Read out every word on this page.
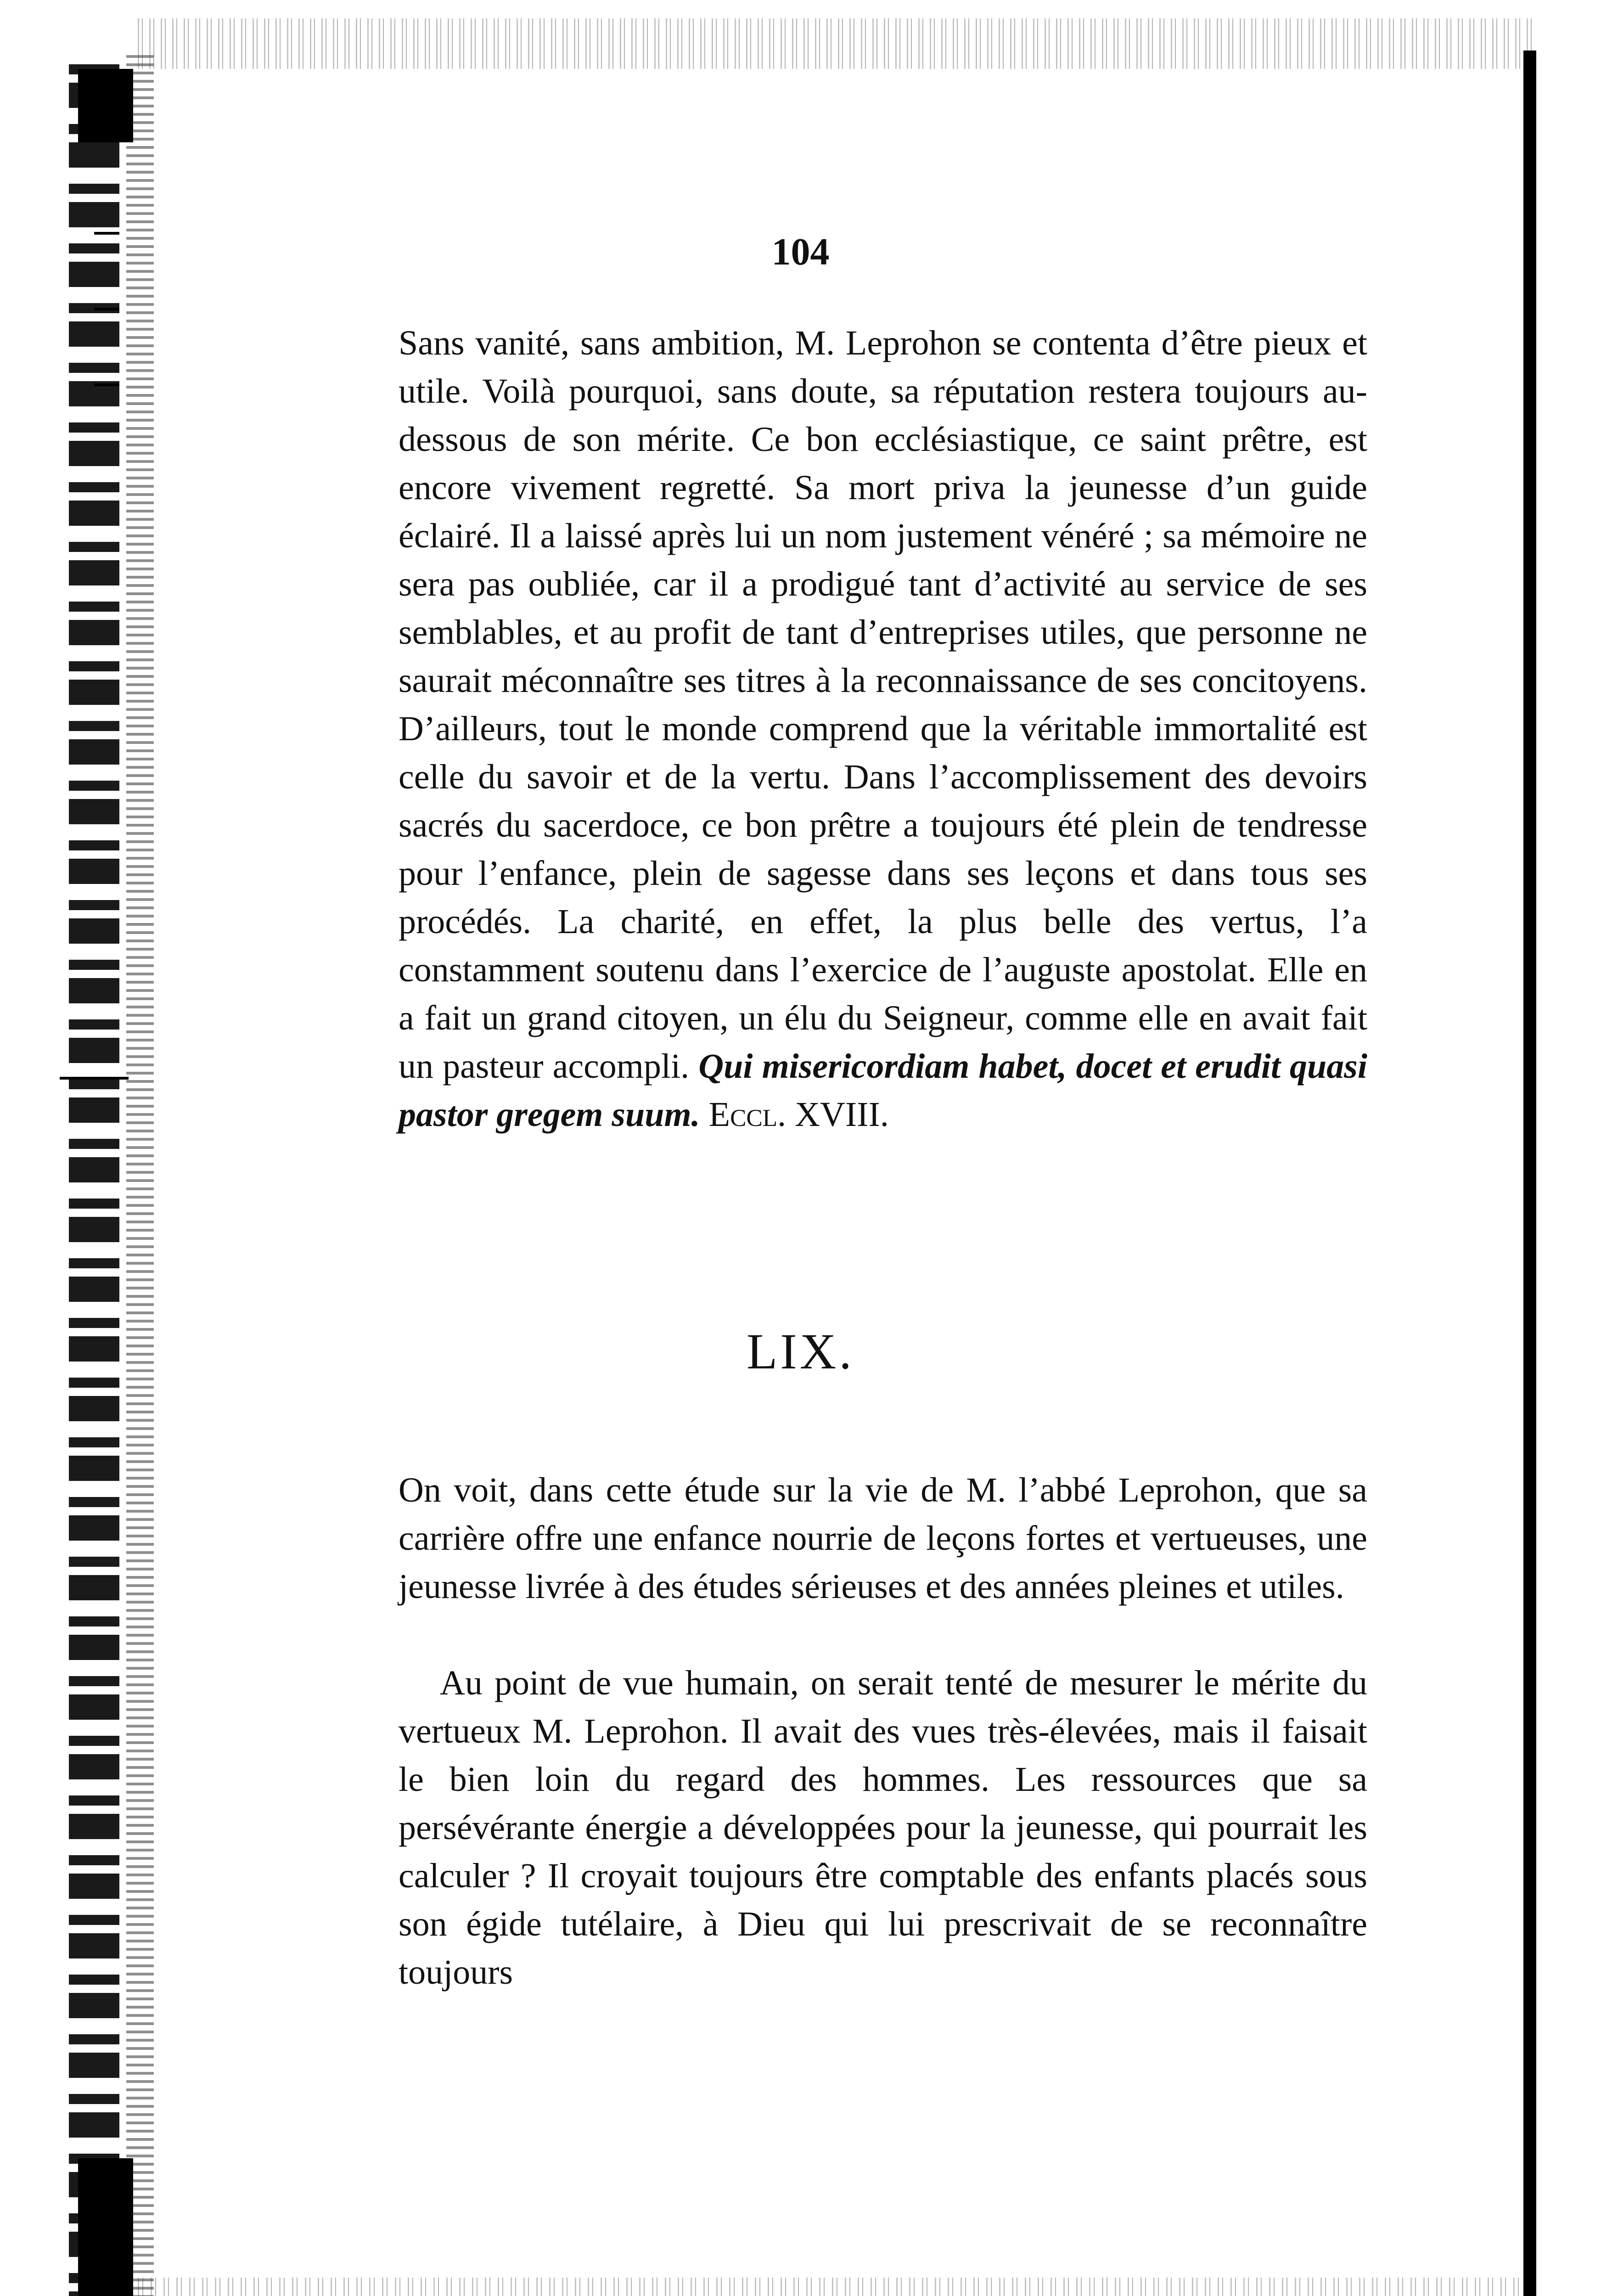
104

Sans vanité, sans ambition, M. Leprohon se contenta d’être pieux et utile. Voilà pourquoi, sans doute, sa réputation restera toujours au-dessous de son mérite. Ce bon ecclésiastique, ce saint prêtre, est encore vivement regretté. Sa mort priva la jeunesse d’un guide éclairé. Il a laissé après lui un nom justement vénéré ; sa mémoire ne sera pas oubliée, car il a prodigué tant d’activité au service de ses semblables, et au profit de tant d’entreprises utiles, que personne ne saurait méconnaître ses titres à la reconnaissance de ses concitoyens. D’ailleurs, tout le monde comprend que la véritable immortalité est celle du savoir et de la vertu. Dans l’accomplissement des devoirs sacrés du sacerdoce, ce bon prêtre a toujours été plein de tendresse pour l’enfance, plein de sagesse dans ses leçons et dans tous ses procédés. La charité, en effet, la plus belle des vertus, l’a constamment soutenu dans l’exercice de l’auguste apostolat. Elle en a fait un grand citoyen, un élu du Seigneur, comme elle en avait fait un pasteur accompli. Qui misericordiam habet, docet et erudit quasi pastor gregem suum. Eccl. XVIII.

LIX.

On voit, dans cette étude sur la vie de M. l’abbé Leprohon, que sa carrière offre une enfance nourrie de leçons fortes et vertueuses, une jeunesse livrée à des études sérieuses et des années pleines et utiles.

Au point de vue humain, on serait tenté de mesurer le mérite du vertueux M. Leprohon. Il avait des vues très-élevées, mais il faisait le bien loin du regard des hommes. Les ressources que sa persévérante énergie a développées pour la jeunesse, qui pourrait les calculer ? Il croyait toujours être comptable des enfants placés sous son égide tutélaire, à Dieu qui lui prescrivait de se reconnaître toujours
